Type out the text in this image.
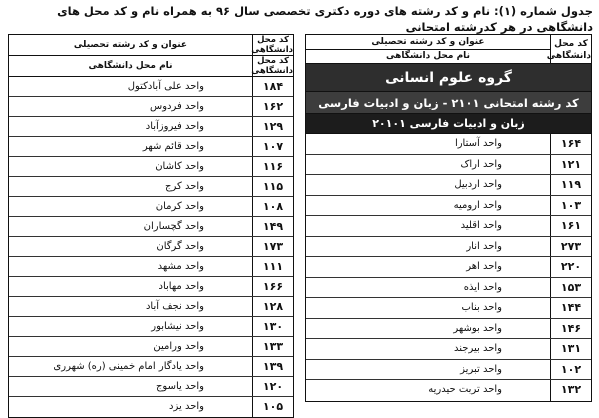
جدول شماره (۱): نام و کد رشته های دوره دکتری تخصصی سال ۹۶ به همراه نام و کد محل های دانشگاهی در هر کدرشته امتحانی
کد محل دانشگاهی
عنوان و کد رشته تحصیلی
نام محل دانشگاهی
گروه علوم انسانی
کد رشته امتحانی ۲۱۰۱ - زبان و ادبیات فارسی
زبان و ادبیات فارسی ۲۰۱۰۱
۱۶۴
واحد آستارا
۱۲۱
واحد اراک
۱۱۹
واحد اردبیل
۱۰۳
واحد ارومیه
۱۶۱
واحد اقلید
۲۷۳
واحد انار
۲۲۰
واحد اهر
۱۵۳
واحد ایذه
۱۴۴
واحد بناب
۱۴۶
واحد بوشهر
۱۳۱
واحد بیرجند
۱۰۲
واحد تبریز
۱۳۲
واحد تربت حیدریه
کد محل دانشگاهی
عنوان و کد رشته تحصیلی
کد محل دانشگاهی
نام محل دانشگاهی
۱۸۴
واحد علی آبادکتول
۱۶۲
واحد فردوس
۱۲۹
واحد فیروزآباد
۱۰۷
واحد قائم شهر
۱۱۶
واحد کاشان
۱۱۵
واحد کرج
۱۰۸
واحد کرمان
۱۴۹
واحد گچساران
۱۷۳
واحد گرگان
۱۱۱
واحد مشهد
۱۶۶
واحد مهاباد
۱۲۸
واحد نجف آباد
۱۳۰
واحد نیشابور
۱۳۳
واحد ورامین
۱۳۹
واحد یادگار امام خمینی (ره) شهرری
۱۲۰
واحد یاسوج
۱۰۵
واحد یزد
